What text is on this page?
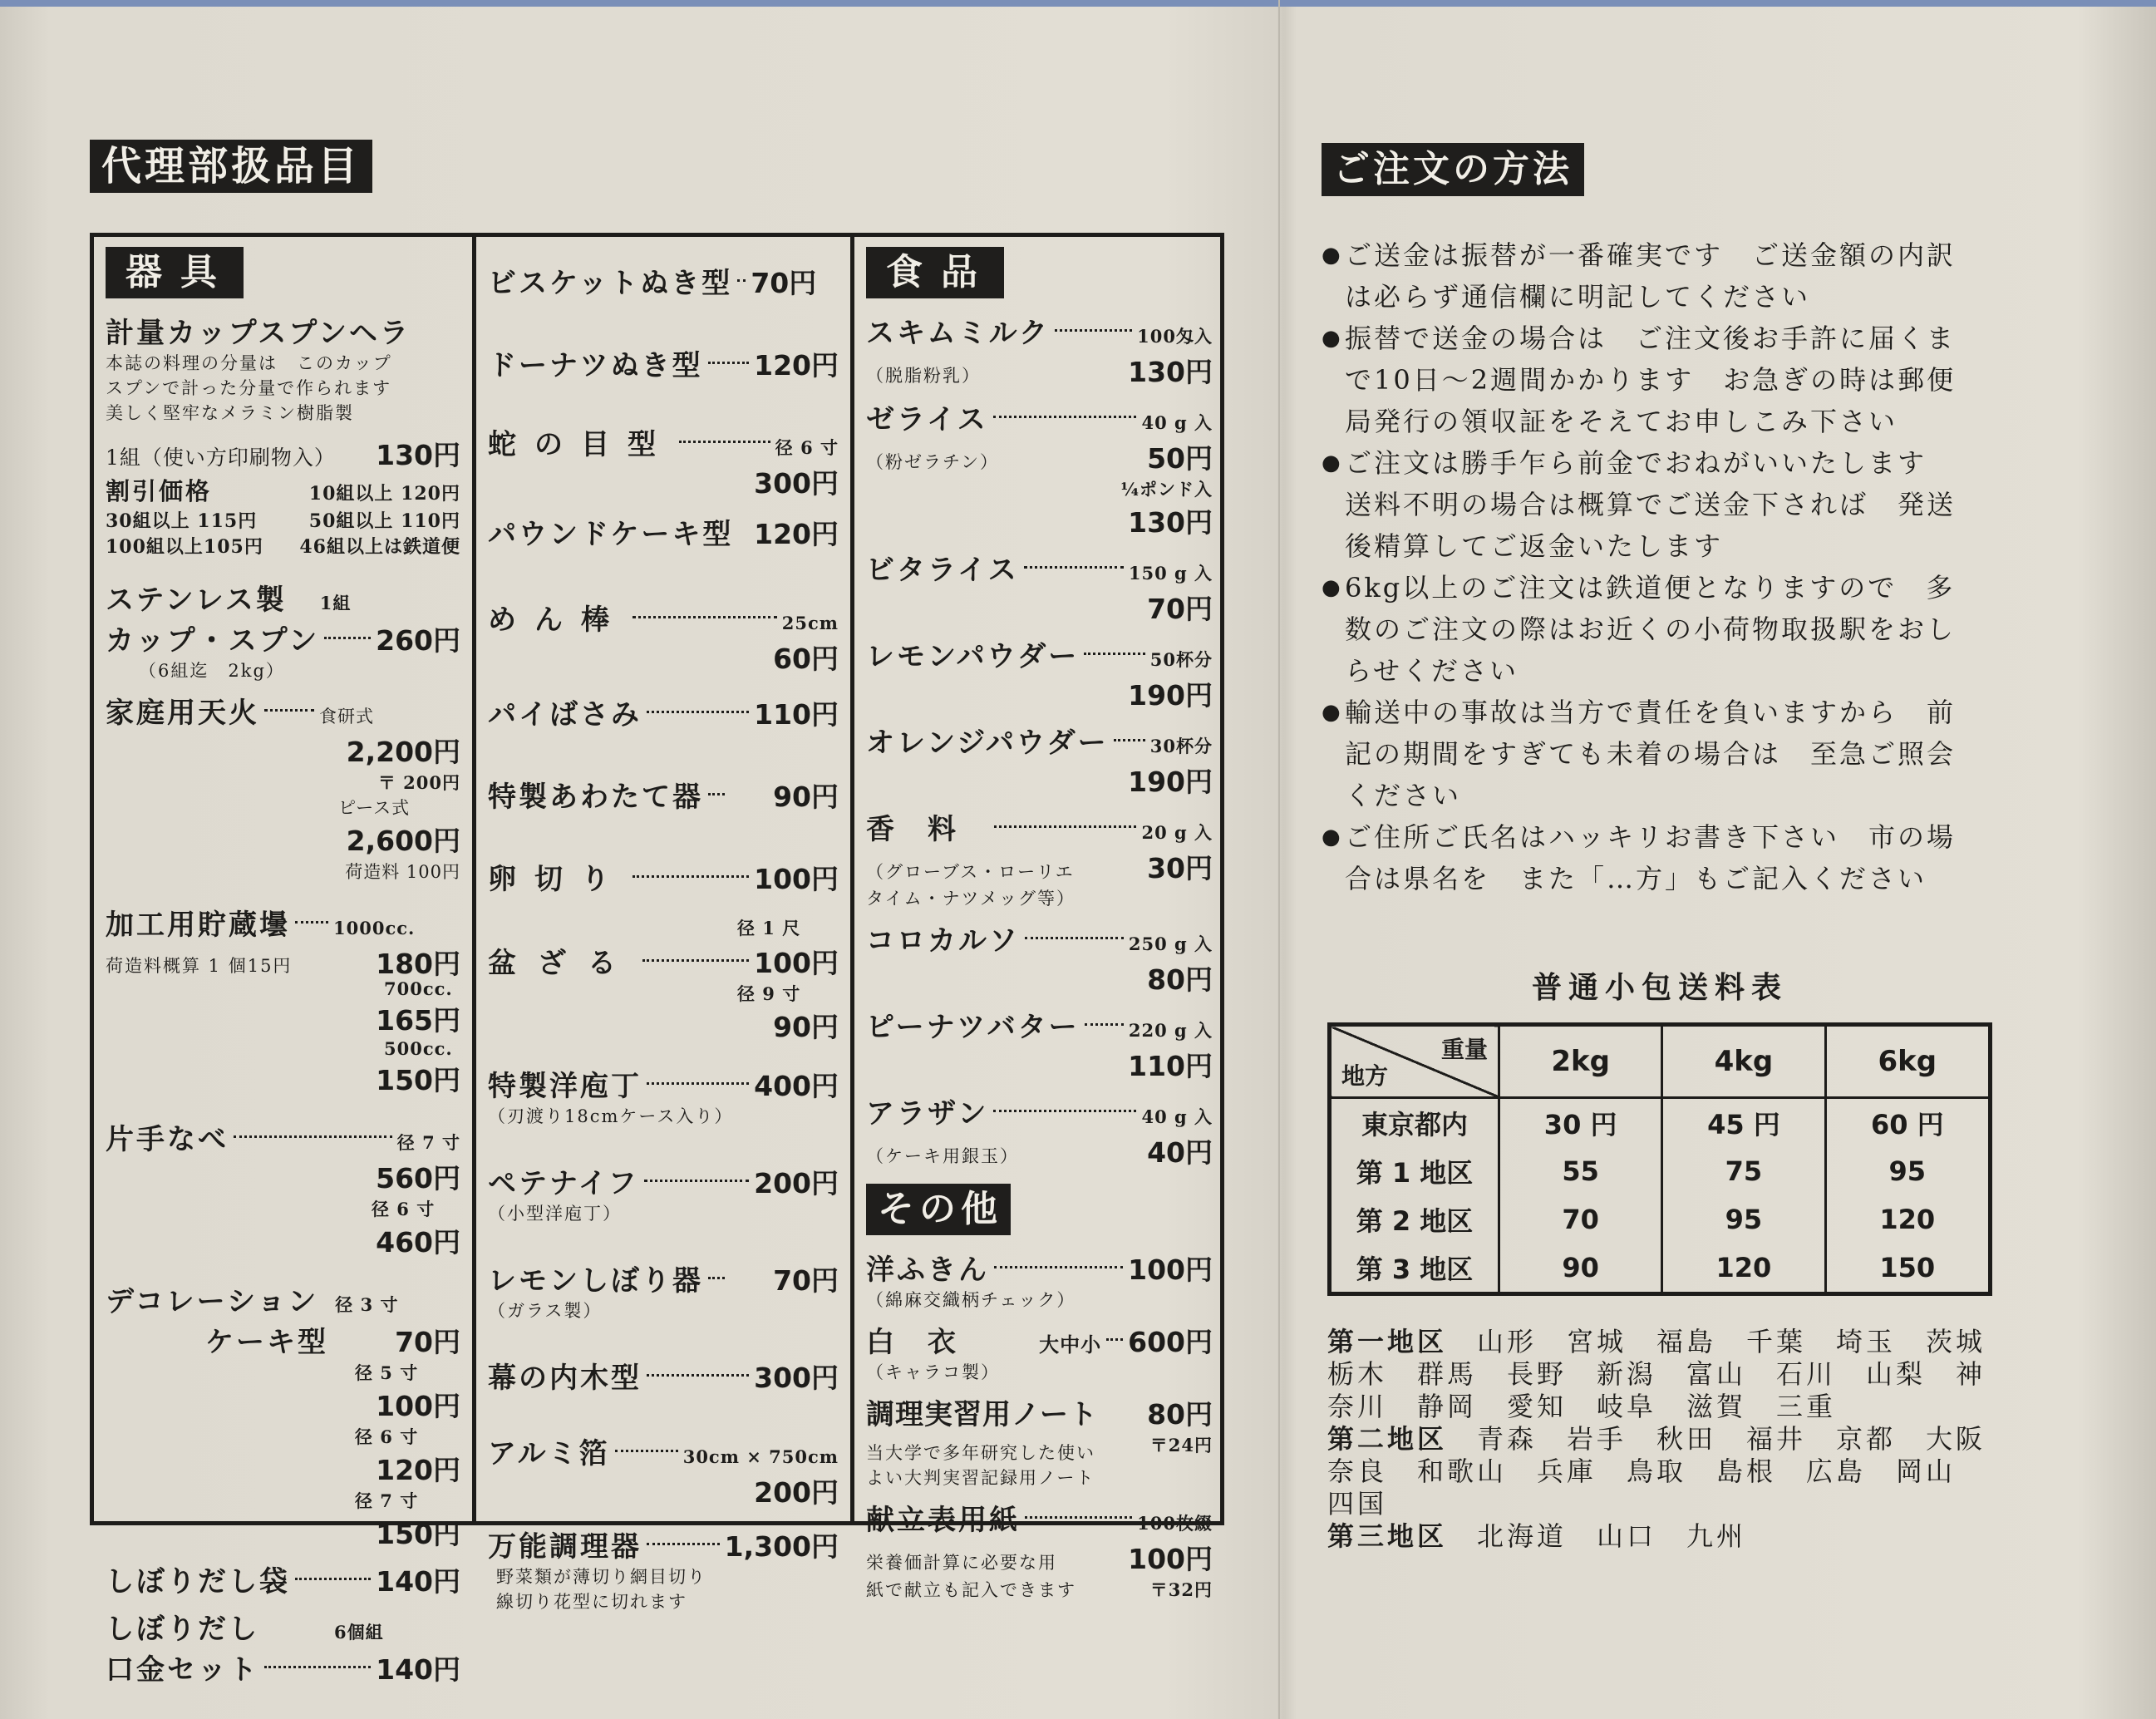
代理部扱品目	ご注文の方法
器具
計量カップスプンヘラ
本誌の料理の分量は　このカップ
スプンで計った分量で作られます
美しく堅牢なメラミン樹脂製
1組（使い方印刷物入） 130円
割引価格	10組以上 120円
30組以上 115円	50組以上 110円
100組以上105円 46組以上は鉄道便
ステンレス製 1組
カップ・スプン 260円
（6組迄　2kg）
家庭用天火	食研式
2,200円
〒 200円
ピース式
2,600円
荷造料 100円
加工用貯蔵壜 1000cc.
180円
荷造料概算 1 個15円
700cc.
165円
500cc.
150円
片手なべ	径 7 寸
560円
径 6 寸
460円
デコレーション 径 3 寸
ケーキ型 70円
径 5 寸
100円
径 6 寸
120円
径 7 寸
150円
しぼりだし袋	140円
しぼりだし	6個組
口金セット	140円
ビスケットぬき型 70円
ドーナツぬき型 120円
蛇の目型	径 6 寸
300円
パウンドケーキ型 120円
めん棒	25cm
60円
パイばさみ	110円
特製あわたて器	90円
卵切り	100円
径 1 尺
盆ざる	100円
径 9 寸
90円
特製洋庖丁	400円
（刃渡り18cmケース入り）
ペテナイフ	200円
（小型洋庖丁）
レモンしぼり器	70円
（ガラス製）
幕の内木型	300円
アルミ箔	30cm × 750cm
200円
万能調理器	1,300円
野菜類が薄切り網目切り
線切り花型に切れます
食品
スキムミルク	100匁入
（脱脂粉乳）	130円
ゼライス	40 g 入
（粉ゼラチン）	50円
¼ポンド入
130円
ビタライス	150 g 入
70円
レモンパウダー	50杯分
190円
オレンジパウダー 30杯分
190円
香料	20 g 入
（グローブス・ローリエ	30円
タイム・ナツメッグ等）
コロカルソ	250 g 入
80円
ピーナツバター	220 g 入
110円
アラザン	40 g 入
（ケーキ用銀玉）	40円
その他
洋ふきん	100円
（綿麻交織柄チェック）
白衣	大中小 600円
（キャラコ製）
調理実習用ノート 80円
〒24円
当大学で多年研究した使い
よい大判実習記録用ノート
献立表用紙	100枚綴
栄養価計算に必要な用	100円
紙で献立も記入できます	〒32円
● ご送金は振替が一番確実です　ご送金額の内訳
は必らず通信欄に明記してください
● 振替で送金の場合は　ご注文後お手許に届くま
で10日～2週間かかります　お急ぎの時は郵便
局発行の領収証をそえてお申しこみ下さい
● ご注文は勝手乍ら前金でおねがいいたします
送料不明の場合は概算でご送金下されば　発送
後精算してご返金いたします
● 6kg以上のご注文は鉄道便となりますので　多
数のご注文の際はお近くの小荷物取扱駅をおし
らせください
● 輸送中の事故は当方で責任を負いますから　前
記の期間をすぎても未着の場合は　至急ご照会
ください
● ご住所ご氏名はハッキリお書き下さい　市の場
合は県名を　また「…方」もご記入ください
普通小包送料表
重量
地方	2kg	4kg	6kg
東京都内	30 円	45 円	60 円
第 1 地区	55	75	95
第 2 地区	70	95	120
第 3 地区	90	120	150
第一地区　 山形　宮城　福島　千葉　埼玉　茨城
栃木　群馬　長野　新潟　富山　石川　山梨　神
奈川　静岡　愛知　岐阜　滋賀　三重
第二地区　 青森　岩手　秋田　福井　京都　大阪
奈良　和歌山　兵庫　鳥取　島根　広島　岡山　四国
第三地区　 北海道　山口　九州
